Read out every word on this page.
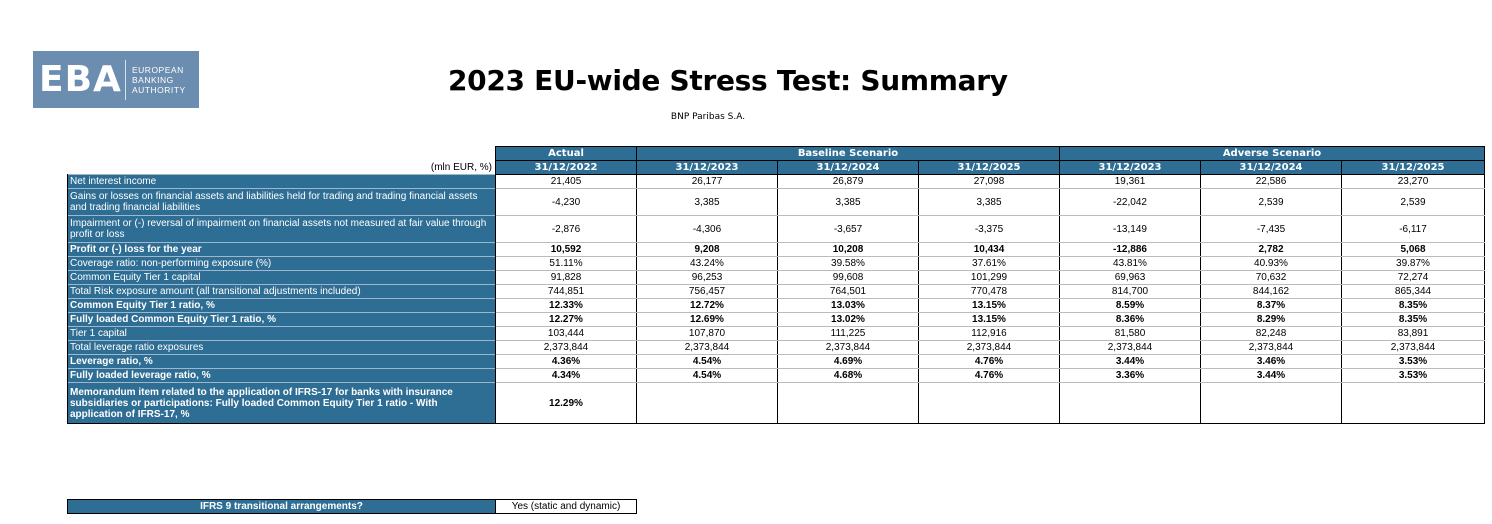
EBA	EUROPEAN
BANKING
AUTHORITY	2023 EU-wide Stress Test: Summary
BNP Paribas S.A.
	Actual	Baseline Scenario			Adverse Scenario		
(mln EUR, %)	31/12/2022	31/12/2023	31/12/2024	31/12/2025	31/12/2023	31/12/2024	31/12/2025
Net interest income	21,405	26,177	26,879	27,098	19,361	22,586	23,270
Gains or losses on financial assets and liabilities held for trading and trading financial assets and trading financial liabilities	-4,230	3,385	3,385	3,385	-22,042	2,539	2,539
Impairment or (-) reversal of impairment on financial assets not measured at fair value through profit or loss	-2,876	-4,306	-3,657	-3,375	-13,149	-7,435	-6,117
Profit or (-) loss for the year	10,592	9,208	10,208	10,434	-12,886	2,782	5,068
Coverage ratio: non-performing exposure (%)	51.11%	43.24%	39.58%	37.61%	43.81%	40.93%	39.87%
Common Equity Tier 1 capital	91,828	96,253	99,608	101,299	69,963	70,632	72,274
Total Risk exposure amount (all transitional adjustments included)	744,851	756,457	764,501	770,478	814,700	844,162	865,344
Common Equity Tier 1 ratio, %	12.33%	12.72%	13.03%	13.15%	8.59%	8.37%	8.35%
Fully loaded Common Equity Tier 1 ratio, %	12.27%	12.69%	13.02%	13.15%	8.36%	8.29%	8.35%
Tier 1 capital	103,444	107,870	111,225	112,916	81,580	82,248	83,891
Total leverage ratio exposures	2,373,844	2,373,844	2,373,844	2,373,844	2,373,844	2,373,844	2,373,844
Leverage ratio, %	4.36%	4.54%	4.69%	4.76%	3.44%	3.46%	3.53%
Fully loaded leverage ratio, %	4.34%	4.54%	4.68%	4.76%	3.36%	3.44%	3.53%
Memorandum item related to the application of IFRS-17 for banks with insurance subsidiaries or participations: Fully loaded Common Equity Tier 1 ratio - With application of IFRS-17, %	12.29%						
IFRS 9 transitional arrangements?	Yes (static and dynamic)
